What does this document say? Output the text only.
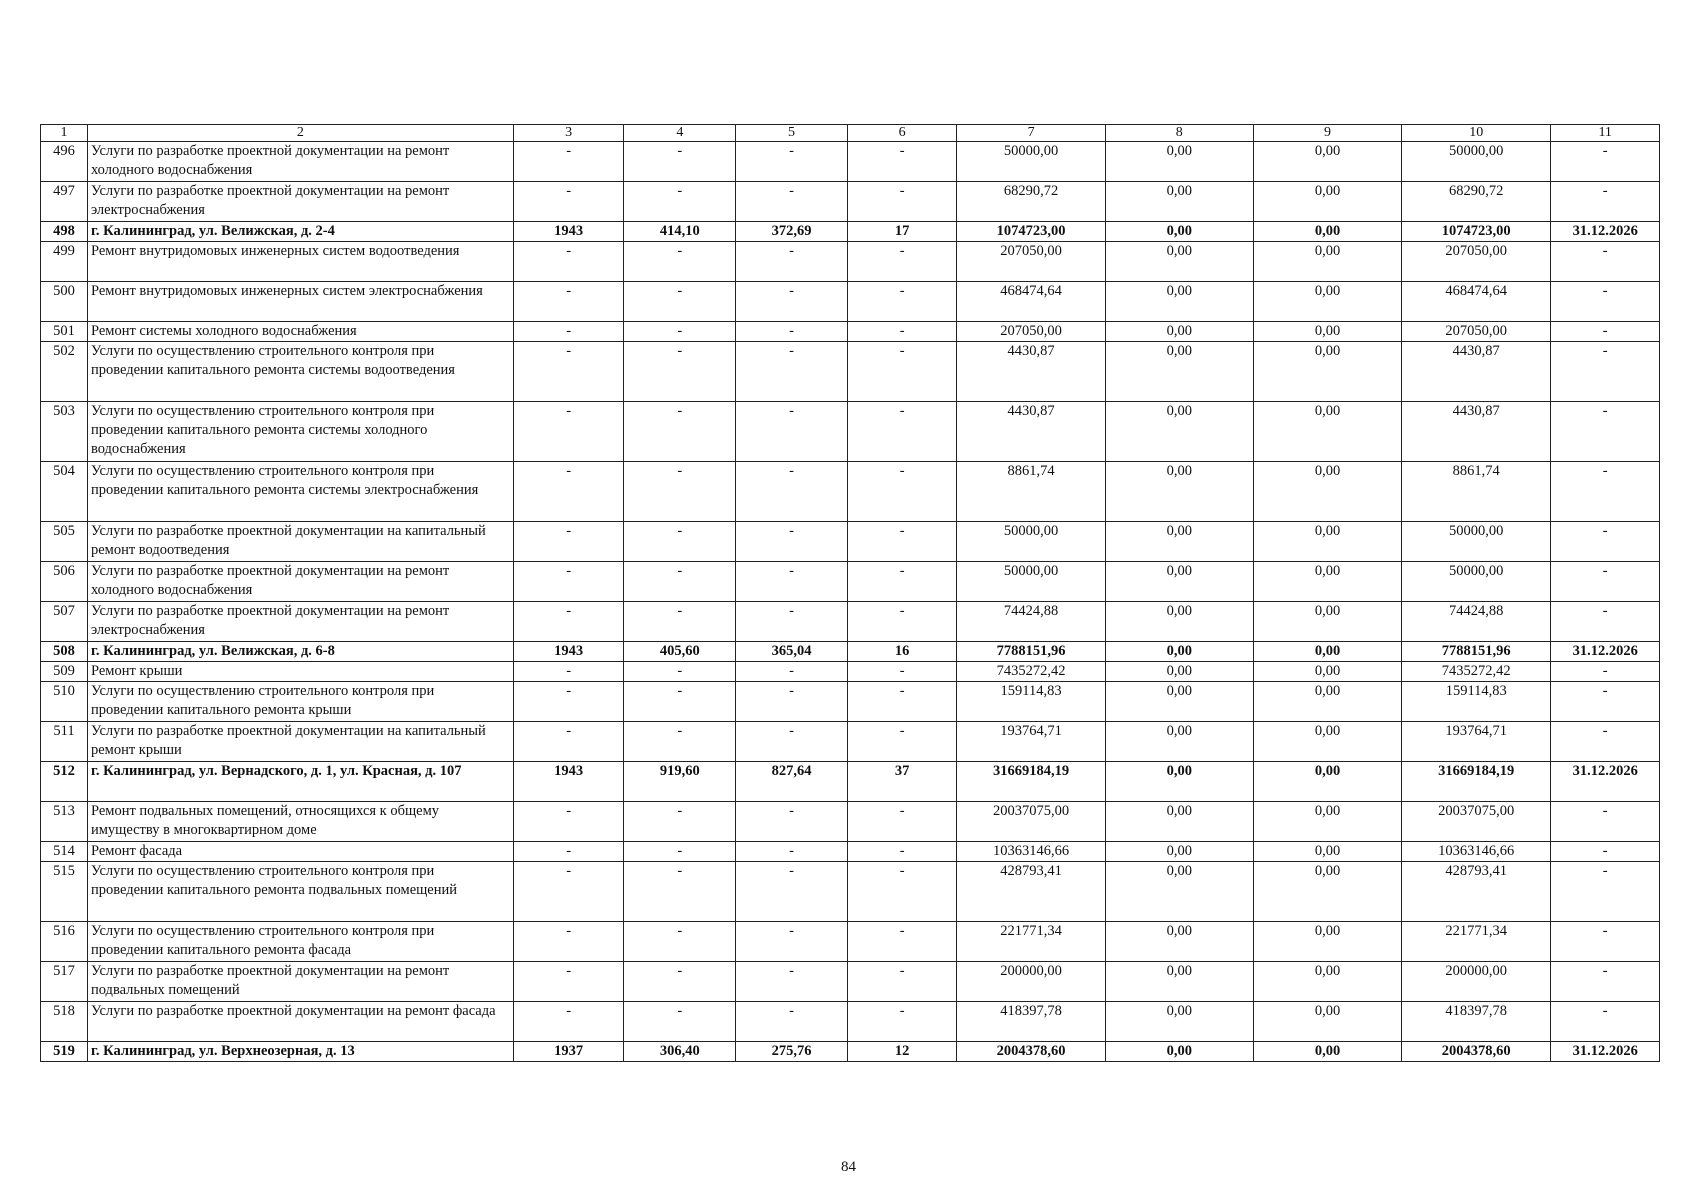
1	2	3	4	5	6	7	8	9	10	11
496	Услуги по разработке проектной документации на ремонт холодного водоснабжения	-	-	-	-	50000,00	0,00	0,00	50000,00	-
497	Услуги по разработке проектной документации на ремонт электроснабжения	-	-	-	-	68290,72	0,00	0,00	68290,72	-
498	г. Калининград, ул. Велижская, д. 2-4	1943	414,10	372,69	17	1074723,00	0,00	0,00	1074723,00	31.12.2026
499	Ремонт внутридомовых инженерных систем водоотведения	-	-	-	-	207050,00	0,00	0,00	207050,00	-
500	Ремонт внутридомовых инженерных систем электроснабжения	-	-	-	-	468474,64	0,00	0,00	468474,64	-
501	Ремонт системы холодного водоснабжения	-	-	-	-	207050,00	0,00	0,00	207050,00	-
502	Услуги по осуществлению строительного контроля при проведении капитального ремонта системы водоотведения	-	-	-	-	4430,87	0,00	0,00	4430,87	-
503	Услуги по осуществлению строительного контроля при проведении капитального ремонта системы холодного водоснабжения	-	-	-	-	4430,87	0,00	0,00	4430,87	-
504	Услуги по осуществлению строительного контроля при проведении капитального ремонта системы электроснабжения	-	-	-	-	8861,74	0,00	0,00	8861,74	-
505	Услуги по разработке проектной документации на капитальный ремонт водоотведения	-	-	-	-	50000,00	0,00	0,00	50000,00	-
506	Услуги по разработке проектной документации на ремонт холодного водоснабжения	-	-	-	-	50000,00	0,00	0,00	50000,00	-
507	Услуги по разработке проектной документации на ремонт электроснабжения	-	-	-	-	74424,88	0,00	0,00	74424,88	-
508	г. Калининград, ул. Велижская, д. 6-8	1943	405,60	365,04	16	7788151,96	0,00	0,00	7788151,96	31.12.2026
509	Ремонт крыши	-	-	-	-	7435272,42	0,00	0,00	7435272,42	-
510	Услуги по осуществлению строительного контроля при проведении капитального ремонта крыши	-	-	-	-	159114,83	0,00	0,00	159114,83	-
511	Услуги по разработке проектной документации на капитальный ремонт крыши	-	-	-	-	193764,71	0,00	0,00	193764,71	-
512	г. Калининград, ул. Вернадского, д. 1, ул. Красная, д. 107	1943	919,60	827,64	37	31669184,19	0,00	0,00	31669184,19	31.12.2026
513	Ремонт подвальных помещений, относящихся к общему имуществу в многоквартирном доме	-	-	-	-	20037075,00	0,00	0,00	20037075,00	-
514	Ремонт фасада	-	-	-	-	10363146,66	0,00	0,00	10363146,66	-
515	Услуги по осуществлению строительного контроля при проведении капитального ремонта подвальных помещений	-	-	-	-	428793,41	0,00	0,00	428793,41	-
516	Услуги по осуществлению строительного контроля при проведении капитального ремонта фасада	-	-	-	-	221771,34	0,00	0,00	221771,34	-
517	Услуги по разработке проектной документации на ремонт подвальных помещений	-	-	-	-	200000,00	0,00	0,00	200000,00	-
518	Услуги по разработке проектной документации на ремонт фасада	-	-	-	-	418397,78	0,00	0,00	418397,78	-
519	г. Калининград, ул. Верхнеозерная, д. 13	1937	306,40	275,76	12	2004378,60	0,00	0,00	2004378,60	31.12.2026
84
